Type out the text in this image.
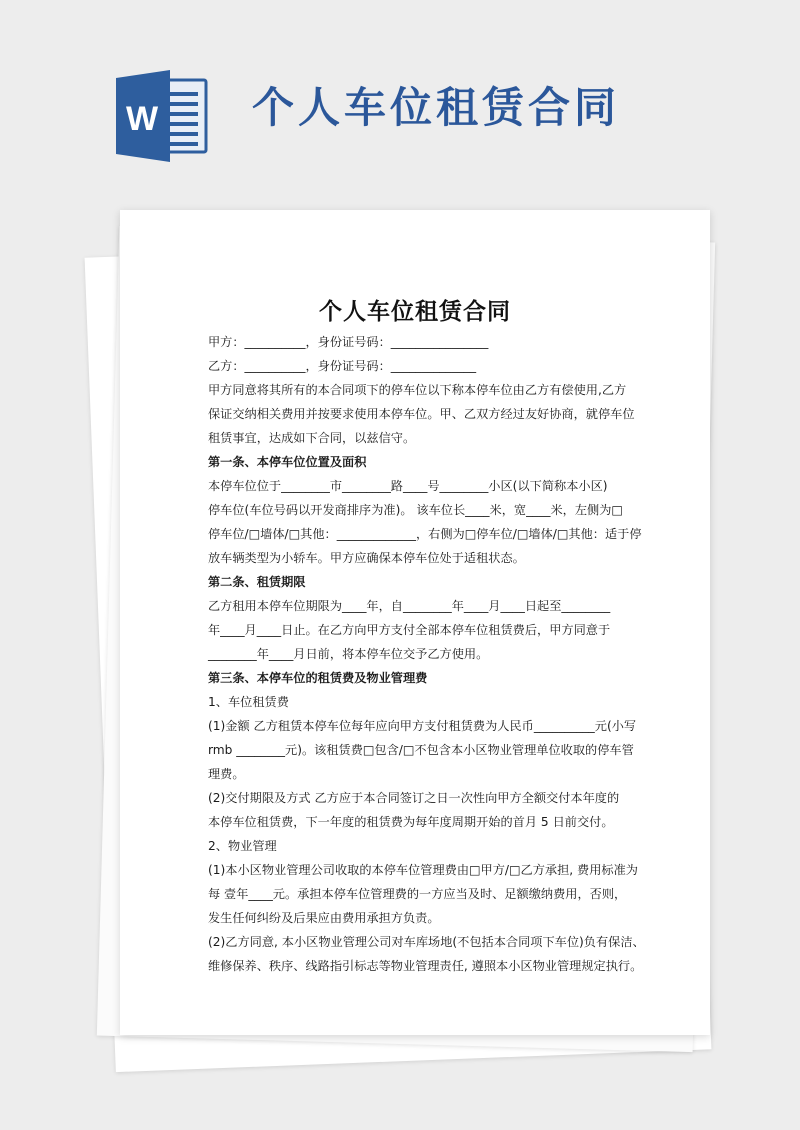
W 个人车位租赁合同
个人车位租赁合同

甲方：__________，身份证号码：________________

乙方：__________，身份证号码：______________

甲方同意将其所有的本合同项下的停车位以下称本停车位由乙方有偿使用,乙方

保证交纳相关费用并按要求使用本停车位。甲、乙双方经过友好协商，就停车位

租赁事宜，达成如下合同，以兹信守。

第一条、本停车位位置及面积

本停车位位于________市________路____号________小区(以下简称本小区)

停车位(车位号码以开发商排序为准)。 该车位长____米，宽____米，左侧为□

停车位/□墙体/□其他：_____________，右侧为□停车位/□墙体/□其他：适于停

放车辆类型为小轿车。甲方应确保本停车位处于适租状态。

第二条、租赁期限

乙方租用本停车位期限为____年，自________年____月____日起至________

年____月____日止。在乙方向甲方支付全部本停车位租赁费后，甲方同意于

________年____月日前，将本停车位交予乙方使用。

第三条、本停车位的租赁费及物业管理费

1、车位租赁费

(1)金额 乙方租赁本停车位每年应向甲方支付租赁费为人民币__________元(小写

rmb ________元)。该租赁费□包含/□不包含本小区物业管理单位收取的停车管

理费。

(2)交付期限及方式 乙方应于本合同签订之日一次性向甲方全额交付本年度的

本停车位租赁费，下一年度的租赁费为每年度周期开始的首月 5 日前交付。

2、物业管理

(1)本小区物业管理公司收取的本停车位管理费由□甲方/□乙方承担, 费用标准为

每 壹年____元。承担本停车位管理费的一方应当及时、足额缴纳费用，否则，

发生任何纠纷及后果应由费用承担方负责。

(2)乙方同意, 本小区物业管理公司对车库场地(不包括本合同项下车位)负有保洁、

维修保养、秩序、线路指引标志等物业管理责任, 遵照本小区物业管理规定执行。
